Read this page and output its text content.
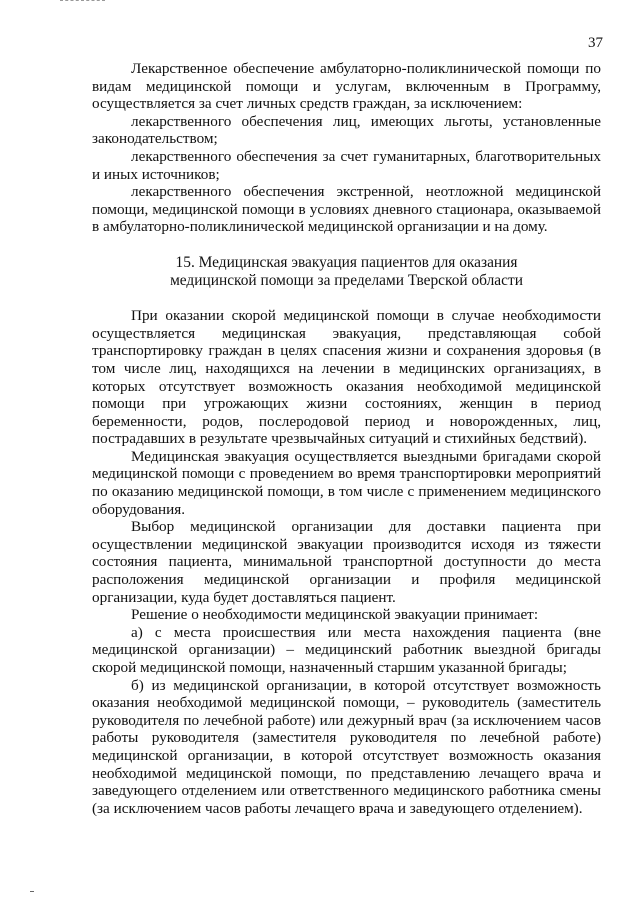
37

Лекарственное обеспечение амбулаторно-поликлинической помощи по видам медицинской помощи и услугам, включенным в Программу, осуществляется за счет личных средств граждан, за исключением:

лекарственного обеспечения лиц, имеющих льготы, установленные законодательством;

лекарственного обеспечения за счет гуманитарных, благотворительных и иных источников;

лекарственного обеспечения экстренной, неотложной медицинской помощи, медицинской помощи в условиях дневного стационара, оказываемой в амбулаторно-поликлинической медицинской организации и на дому.

15. Медицинская эвакуация пациентов для оказания
медицинской помощи за пределами Тверской области

При оказании скорой медицинской помощи в случае необходимости осуществляется медицинская эвакуация, представляющая собой транспортировку граждан в целях спасения жизни и сохранения здоровья (в том числе лиц, находящихся на лечении в медицинских организациях, в которых отсутствует возможность оказания необходимой медицинской помощи при угрожающих жизни состояниях, женщин в период беременности, родов, послеродовой период и новорожденных, лиц, пострадавших в результате чрезвычайных ситуаций и стихийных бедствий).

Медицинская эвакуация осуществляется выездными бригадами скорой медицинской помощи с проведением во время транспортировки мероприятий по оказанию медицинской помощи, в том числе с применением медицинского оборудования.

Выбор медицинской организации для доставки пациента при осуществлении медицинской эвакуации производится исходя из тяжести состояния пациента, минимальной транспортной доступности до места расположения медицинской организации и профиля медицинской организации, куда будет доставляться пациент.

Решение о необходимости медицинской эвакуации принимает:

а) с места происшествия или места нахождения пациента (вне медицинской организации) – медицинский работник выездной бригады скорой медицинской помощи, назначенный старшим указанной бригады;

б) из медицинской организации, в которой отсутствует возможность оказания необходимой медицинской помощи, – руководитель (заместитель руководителя по лечебной работе) или дежурный врач (за исключением часов работы руководителя (заместителя руководителя по лечебной работе) медицинской организации, в которой отсутствует возможность оказания необходимой медицинской помощи, по представлению лечащего врача и заведующего отделением или ответственного медицинского работника смены (за исключением часов работы лечащего врача и заведующего отделением).
